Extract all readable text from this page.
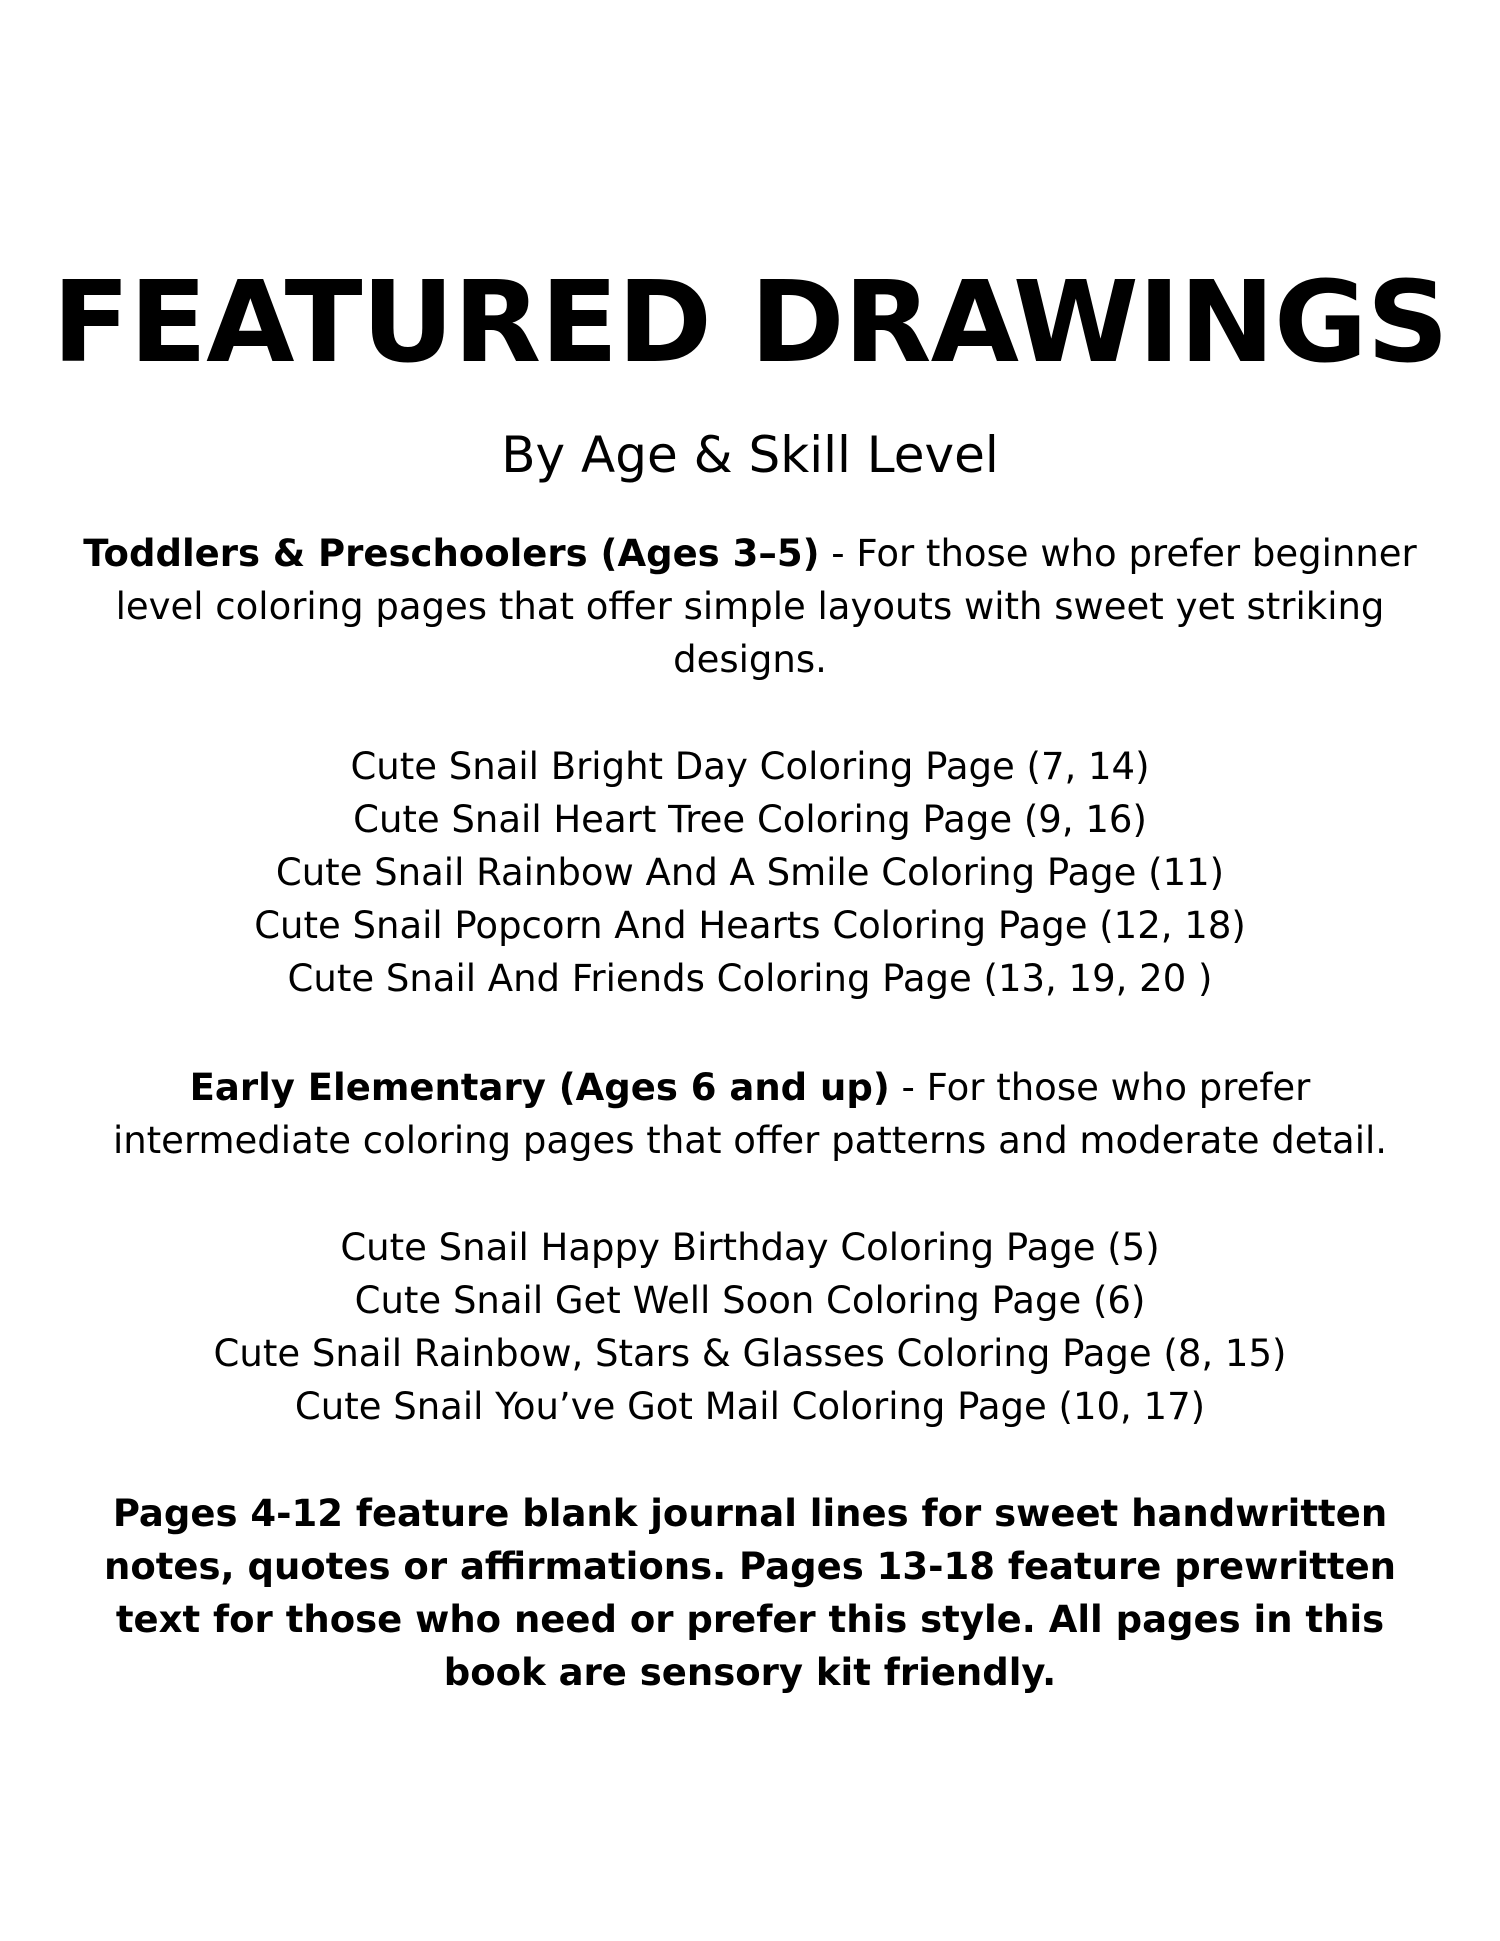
FEATURED DRAWINGS

By Age & Skill Level

Toddlers & Preschoolers (Ages 3–5) - For those who prefer beginner level coloring pages that offer simple layouts with sweet yet striking designs.

Cute Snail Bright Day Coloring Page (7, 14)
Cute Snail Heart Tree Coloring Page (9, 16)
Cute Snail Rainbow And A Smile Coloring Page (11)
Cute Snail Popcorn And Hearts Coloring Page (12, 18)
Cute Snail And Friends Coloring Page (13, 19, 20 )

Early Elementary (Ages 6 and up) - For those who prefer intermediate coloring pages that offer patterns and moderate detail.

Cute Snail Happy Birthday Coloring Page (5)
Cute Snail Get Well Soon Coloring Page (6)
Cute Snail Rainbow, Stars & Glasses Coloring Page (8, 15)
Cute Snail You’ve Got Mail Coloring Page (10, 17)

Pages 4-12 feature blank journal lines for sweet handwritten notes, quotes or affirmations. Pages 13-18 feature prewritten text for those who need or prefer this style. All pages in this book are sensory kit friendly.
